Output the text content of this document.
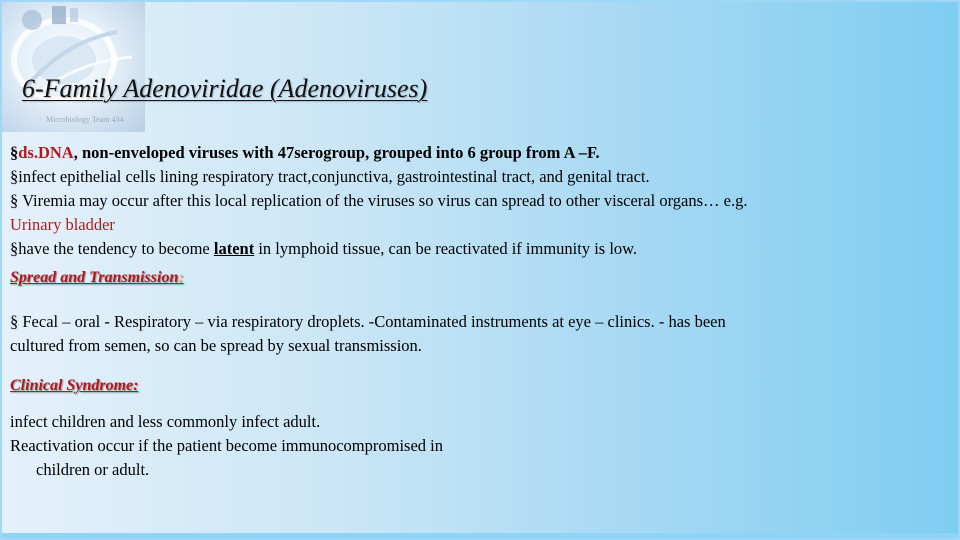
Microbiology Team 434
6-Family Adenoviridae (Adenoviruses)
§ds.DNA, non-enveloped viruses with 47serogroup, grouped into 6 group from A –F.
§infect epithelial cells lining respiratory tract,conjunctiva, gastrointestinal tract, and genital tract.
§ Viremia may occur after this local replication of the viruses so virus can spread to other visceral organs… e.g.
Urinary bladder
§have the tendency to become latent in lymphoid tissue, can be reactivated if immunity is low.
Spread and Transmission:
§ Fecal – oral - Respiratory – via respiratory droplets. -Contaminated instruments at eye – clinics. - has been
cultured from semen, so can be spread by sexual transmission.
Clinical Syndrome:
infect children and less commonly infect adult.
Reactivation occur if the patient become immunocompromised in
children or adult.
